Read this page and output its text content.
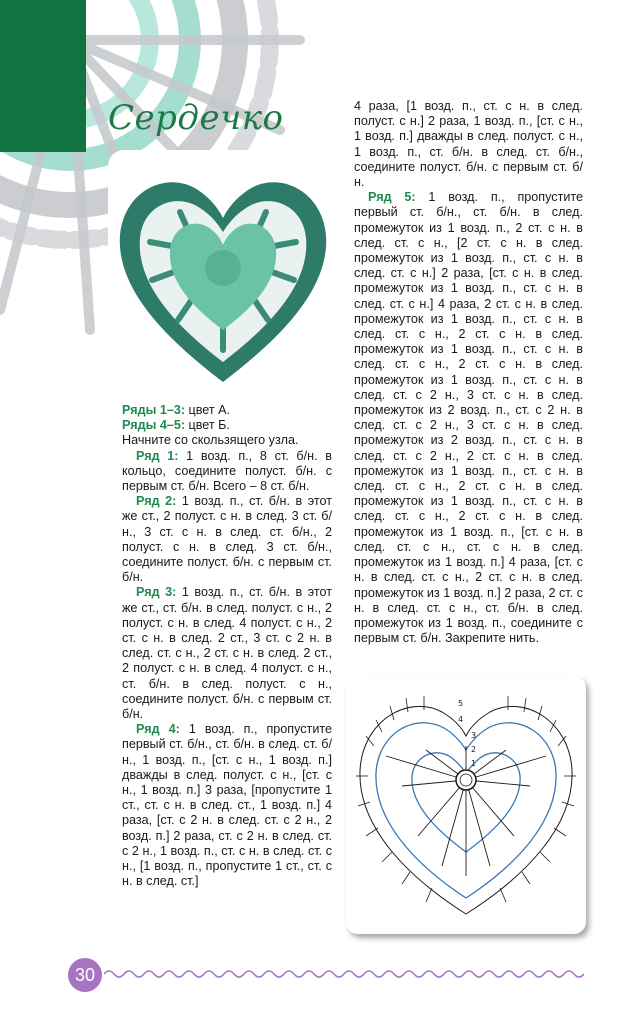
Сердечко

Ряды 1–3: цвет А.

Ряды 4–5: цвет Б.

Начните со скользящего узла.

Ряд 1: 1 возд. п., 8 ст. б/н. в кольцо, соедините полуст. б/н. с первым ст. б/н. Всего – 8 ст. б/н.

Ряд 2: 1 возд. п., ст. б/н. в этот же ст., 2 полуст. с н. в след. 3 ст. б/н., 3 ст. с н. в след. ст. б/н., 2 полуст. с н. в след. 3 ст. б/н., соедините полуст. б/н. с первым ст. б/н.

Ряд 3: 1 возд. п., ст. б/н. в этот же ст., ст. б/н. в след. полуст. с н., 2 полуст. с н. в след. 4 полуст. с н., 2 ст. с н. в след. 2 ст., 3 ст. с 2 н. в след. ст. с н., 2 ст. с н. в след. 2 ст., 2 полуст. с н. в след. 4 полуст. с н., ст. б/н. в след. полуст. с н., соедините полуст. б/н. с первым ст. б/н.

Ряд 4: 1 возд. п., пропустите первый ст. б/н., ст. б/н. в след. ст. б/н., 1 возд. п., [ст. с н., 1 возд. п.] дважды в след. полуст. с н., [ст. с н., 1 возд. п.] 3 раза, [пропустите 1 ст., ст. с н. в след. ст., 1 возд. п.] 4 раза, [ст. с 2 н. в след. ст. с 2 н., 2 возд. п.] 2 раза, ст. с 2 н. в след. ст. с 2 н., 1 возд. п., ст. с н. в след. ст. с н., [1 возд. п., пропустите 1 ст., ст. с н. в след. ст.]

4 раза, [1 возд. п., ст. с н. в след. полуст. с н.] 2 раза, 1 возд. п., [ст. с н., 1 возд. п.] дважды в след. полуст. с н., 1 возд. п., ст. б/н. в след. ст. б/н., соедините полуст. б/н. с первым ст. б/н.

Ряд 5: 1 возд. п., пропустите первый ст. б/н., ст. б/н. в след. промежуток из 1 возд. п., 2 ст. с н. в след. ст. с н., [2 ст. с н. в след. промежуток из 1 возд. п., ст. с н. в след. ст. с н.] 2 раза, [ст. с н. в след. промежуток из 1 возд. п., ст. с н. в след. ст. с н.] 4 раза, 2 ст. с н. в след. промежуток из 1 возд. п., ст. с н. в след. ст. с н., 2 ст. с н. в след. промежуток из 1 возд. п., ст. с н. в след. ст. с н., 2 ст. с н. в след. промежуток из 1 возд. п., ст. с н. в след. ст. с 2 н., 3 ст. с н. в след. промежуток из 2 возд. п., ст. с 2 н. в след. ст. с 2 н., 3 ст. с н. в след. промежуток из 2 возд. п., ст. с н. в след. ст. с 2 н., 2 ст. с н. в след. промежуток из 1 возд. п., ст. с н. в след. ст. с н., 2 ст. с н. в след. промежуток из 1 возд. п., ст. с н. в след. ст. с н., 2 ст. с н. в след. промежуток из 1 возд. п., [ст. с н. в след. ст. с н., ст. с н. в след. промежуток из 1 возд. п.] 4 раза, [ст. с н. в след. ст. с н., 2 ст. с н. в след. промежуток из 1 возд. п.] 2 раза, 2 ст. с н. в след. ст. с н., ст. б/н. в след. промежуток из 1 возд. п., соедините с первым ст. б/н. Закрепите нить.

5
4
3
2
1
30
